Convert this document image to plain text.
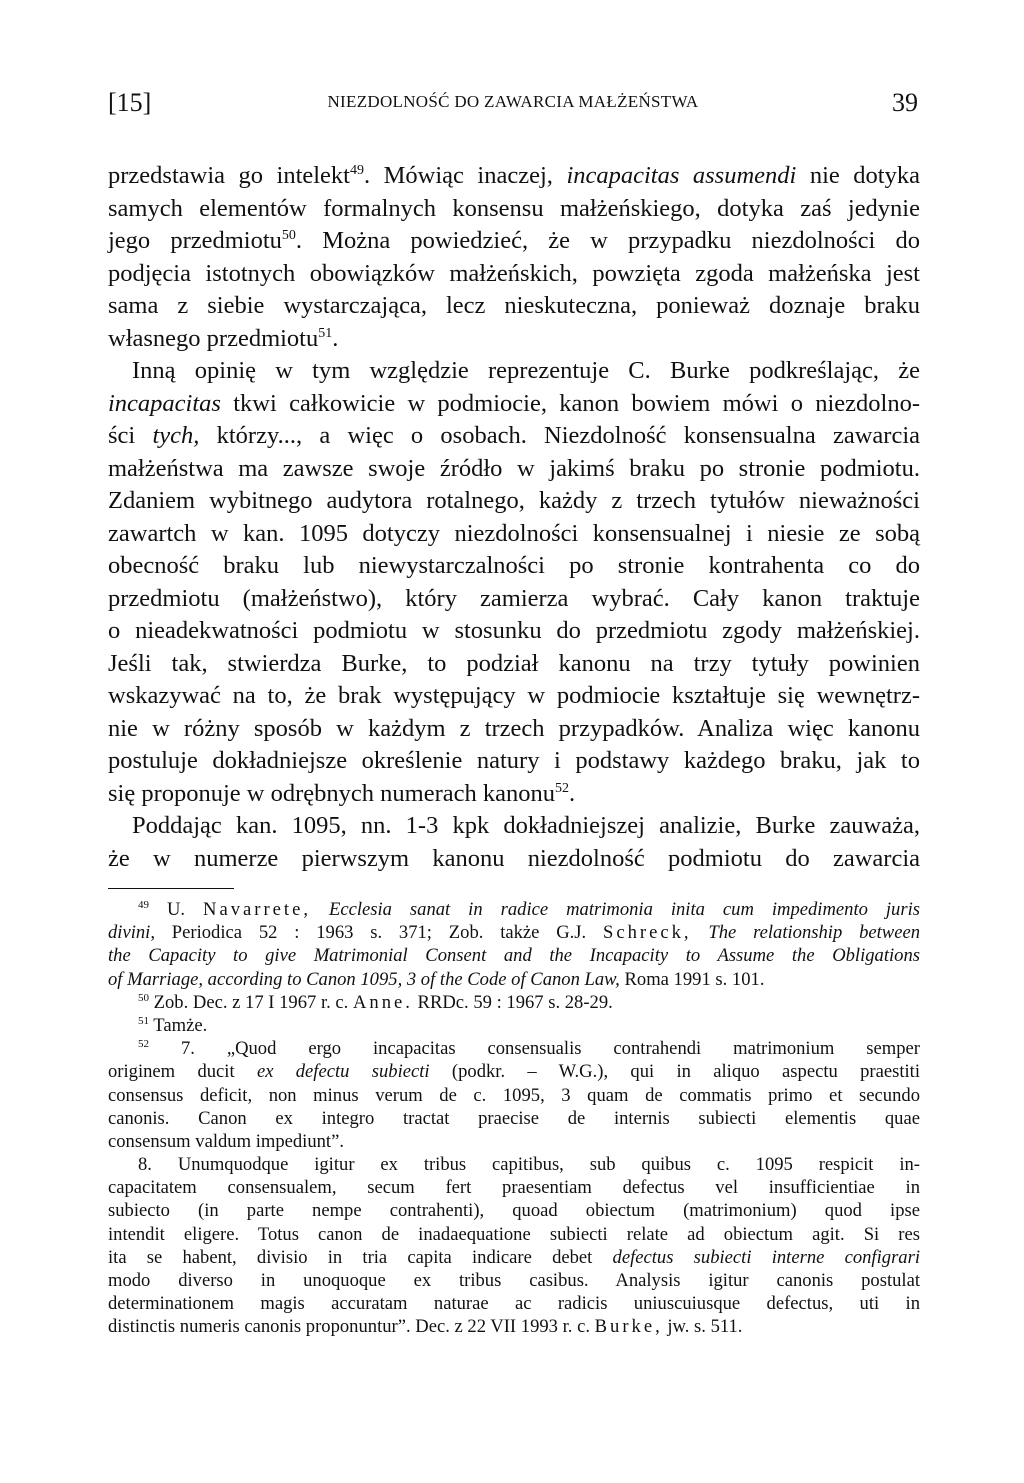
[15]	NIEZDOLNOŚĆ DO ZAWARCIA MAŁŻEŃSTWA	39
przedstawia go intelekt$^{49}$. Mówiąc inaczej, incapacitas assumendi nie dotyka
samych elementów formalnych konsensu małżeńskiego, dotyka zaś jedynie
jego przedmiotu$^{50}$. Można powiedzieć, że w przypadku niezdolności do
podjęcia istotnych obowiązków małżeńskich, powzięta zgoda małżeńska jest
sama z siebie wystarczająca, lecz nieskuteczna, ponieważ doznaje braku
własnego przedmiotu$^{51}$.
Inną opinię w tym względzie reprezentuje C. Burke podkreślając, że
incapacitas tkwi całkowicie w podmiocie, kanon bowiem mówi o niezdolno-
ści tych, którzy..., a więc o osobach. Niezdolność konsensualna zawarcia
małżeństwa ma zawsze swoje źródło w jakimś braku po stronie podmiotu.
Zdaniem wybitnego audytora rotalnego, każdy z trzech tytułów nieważności
zawartch w kan. 1095 dotyczy niezdolności konsensualnej i niesie ze sobą
obecność braku lub niewystarczalności po stronie kontrahenta co do
przedmiotu (małżeństwo), który zamierza wybrać. Cały kanon traktuje
o nieadekwatności podmiotu w stosunku do przedmiotu zgody małżeńskiej.
Jeśli tak, stwierdza Burke, to podział kanonu na trzy tytuły powinien
wskazywać na to, że brak występujący w podmiocie kształtuje się wewnętrz-
nie w różny sposób w każdym z trzech przypadków. Analiza więc kanonu
postuluje dokładniejsze określenie natury i podstawy każdego braku, jak to
się proponuje w odrębnych numerach kanonu$^{52}$.
Poddając kan. 1095, nn. 1-3 kpk dokładniejszej analizie, Burke zauważa,
że w numerze pierwszym kanonu niezdolność podmiotu do zawarcia
$^{49}$ U. Navarrete, Ecclesia sanat in radice matrimonia inita cum impedimento juris
divini, Periodica 52 : 1963 s. 371; Zob. także G.J. Schreck, The relationship between
the Capacity to give Matrimonial Consent and the Incapacity to Assume the Obligations
of Marriage, according to Canon 1095, 3 of the Code of Canon Law, Roma 1991 s. 101.
$^{50}$ Zob. Dec. z 17 I 1967 r. c. Anne. RRDc. 59 : 1967 s. 28-29.
$^{51}$ Tamże.
$^{52}$ 7. „Quod ergo incapacitas consensualis contrahendi matrimonium semper
originem ducit ex defectu subiecti (podkr. – W.G.), qui in aliquo aspectu praestiti
consensus deficit, non minus verum de c. 1095, 3 quam de commatis primo et secundo
canonis. Canon ex integro tractat praecise de internis subiecti elementis quae
consensum valdum impediunt”.
8. Unumquodque igitur ex tribus capitibus, sub quibus c. 1095 respicit in-
capacitatem consensualem, secum fert praesentiam defectus vel insufficientiae in
subiecto (in parte nempe contrahenti), quoad obiectum (matrimonium) quod ipse
intendit eligere. Totus canon de inadaequatione subiecti relate ad obiectum agit. Si res
ita se habent, divisio in tria capita indicare debet defectus subiecti interne configrari
modo diverso in unoquoque ex tribus casibus. Analysis igitur canonis postulat
determinationem magis accuratam naturae ac radicis uniuscuiusque defectus, uti in
distinctis numeris canonis proponuntur”. Dec. z 22 VII 1993 r. c. Burke, jw. s. 511.
